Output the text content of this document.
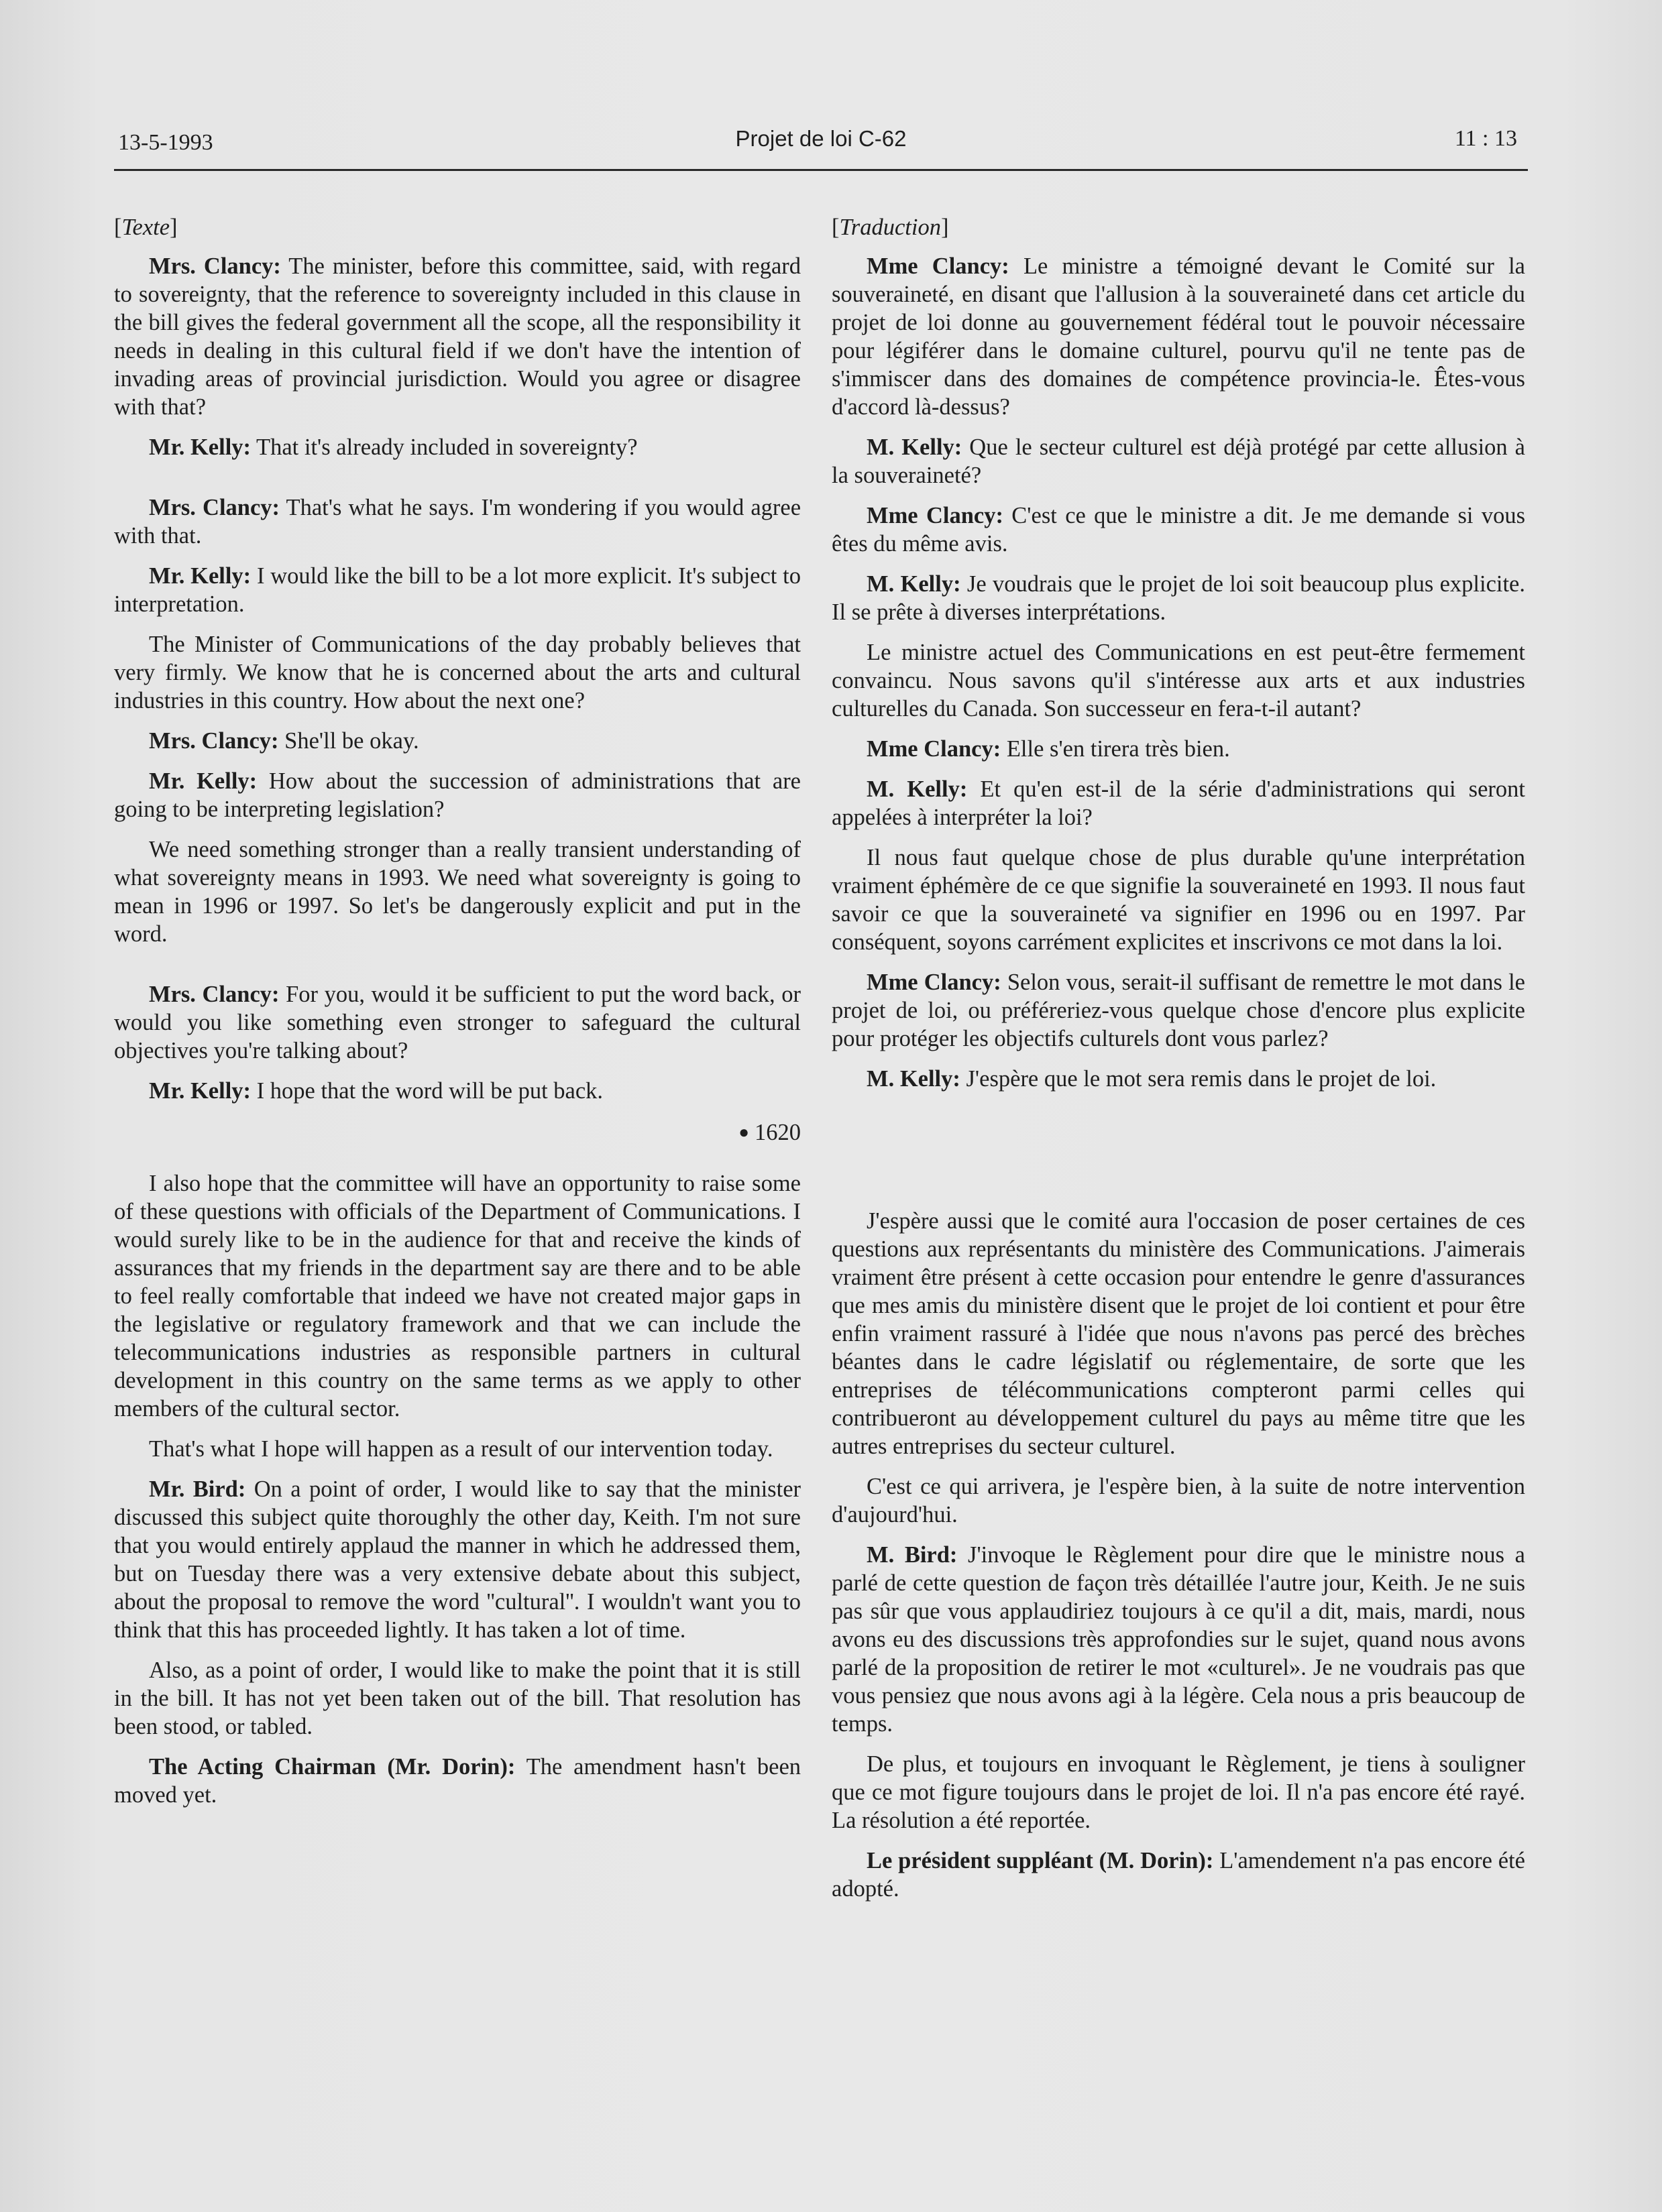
13-5-1993	Projet de loi C-62	11 : 13

[Texte]

Mrs. Clancy: The minister, before this committee, said, with regard to sovereignty, that the reference to sovereignty included in this clause in the bill gives the federal government all the scope, all the responsibility it needs in dealing in this cultural field if we don't have the intention of invading areas of provincial jurisdiction. Would you agree or disagree with that?

Mr. Kelly: That it's already included in sovereignty?

Mrs. Clancy: That's what he says. I'm wondering if you would agree with that.

Mr. Kelly: I would like the bill to be a lot more explicit. It's subject to interpretation.

The Minister of Communications of the day probably believes that very firmly. We know that he is concerned about the arts and cultural industries in this country. How about the next one?

Mrs. Clancy: She'll be okay.

Mr. Kelly: How about the succession of administrations that are going to be interpreting legislation?

We need something stronger than a really transient understanding of what sovereignty means in 1993. We need what sovereignty is going to mean in 1996 or 1997. So let's be dangerously explicit and put in the word.

Mrs. Clancy: For you, would it be sufficient to put the word back, or would you like something even stronger to safeguard the cultural objectives you're talking about?

Mr. Kelly: I hope that the word will be put back.

● 1620

I also hope that the committee will have an opportunity to raise some of these questions with officials of the Department of Communications. I would surely like to be in the audience for that and receive the kinds of assurances that my friends in the department say are there and to be able to feel really comfortable that indeed we have not created major gaps in the legislative or regulatory framework and that we can include the telecommunications industries as responsible partners in cultural development in this country on the same terms as we apply to other members of the cultural sector.

That's what I hope will happen as a result of our intervention today.

Mr. Bird: On a point of order, I would like to say that the minister discussed this subject quite thoroughly the other day, Keith. I'm not sure that you would entirely applaud the manner in which he addressed them, but on Tuesday there was a very extensive debate about this subject, about the proposal to remove the word ''cultural''. I wouldn't want you to think that this has proceeded lightly. It has taken a lot of time.

Also, as a point of order, I would like to make the point that it is still in the bill. It has not yet been taken out of the bill. That resolution has been stood, or tabled.

The Acting Chairman (Mr. Dorin): The amendment hasn't been moved yet.

[Traduction]

Mme Clancy: Le ministre a témoigné devant le Comité sur la souveraineté, en disant que l'allusion à la souveraineté dans cet article du projet de loi donne au gouvernement fédéral tout le pouvoir nécessaire pour légiférer dans le domaine culturel, pourvu qu'il ne tente pas de s'immiscer dans des domaines de compétence provincia-le. Êtes-vous d'accord là-dessus?

M. Kelly: Que le secteur culturel est déjà protégé par cette allusion à la souveraineté?

Mme Clancy: C'est ce que le ministre a dit. Je me demande si vous êtes du même avis.

M. Kelly: Je voudrais que le projet de loi soit beaucoup plus explicite. Il se prête à diverses interprétations.

Le ministre actuel des Communications en est peut-être fermement convaincu. Nous savons qu'il s'intéresse aux arts et aux industries culturelles du Canada. Son successeur en fera-t-il autant?

Mme Clancy: Elle s'en tirera très bien.

M. Kelly: Et qu'en est-il de la série d'administrations qui seront appelées à interpréter la loi?

Il nous faut quelque chose de plus durable qu'une interprétation vraiment éphémère de ce que signifie la souveraineté en 1993. Il nous faut savoir ce que la souveraineté va signifier en 1996 ou en 1997. Par conséquent, soyons carrément explicites et inscrivons ce mot dans la loi.

Mme Clancy: Selon vous, serait-il suffisant de remettre le mot dans le projet de loi, ou préféreriez-vous quelque chose d'encore plus explicite pour protéger les objectifs culturels dont vous parlez?

M. Kelly: J'espère que le mot sera remis dans le projet de loi.

J'espère aussi que le comité aura l'occasion de poser certaines de ces questions aux représentants du ministère des Communications. J'aimerais vraiment être présent à cette occasion pour entendre le genre d'assurances que mes amis du ministère disent que le projet de loi contient et pour être enfin vraiment rassuré à l'idée que nous n'avons pas percé des brèches béantes dans le cadre législatif ou réglementaire, de sorte que les entreprises de télécommunications compteront parmi celles qui contribueront au développement culturel du pays au même titre que les autres entreprises du secteur culturel.

C'est ce qui arrivera, je l'espère bien, à la suite de notre intervention d'aujourd'hui.

M. Bird: J'invoque le Règlement pour dire que le ministre nous a parlé de cette question de façon très détaillée l'autre jour, Keith. Je ne suis pas sûr que vous applaudiriez toujours à ce qu'il a dit, mais, mardi, nous avons eu des discussions très approfondies sur le sujet, quand nous avons parlé de la proposition de retirer le mot «culturel». Je ne voudrais pas que vous pensiez que nous avons agi à la légère. Cela nous a pris beaucoup de temps.

De plus, et toujours en invoquant le Règlement, je tiens à souligner que ce mot figure toujours dans le projet de loi. Il n'a pas encore été rayé. La résolution a été reportée.

Le président suppléant (M. Dorin): L'amendement n'a pas encore été adopté.
